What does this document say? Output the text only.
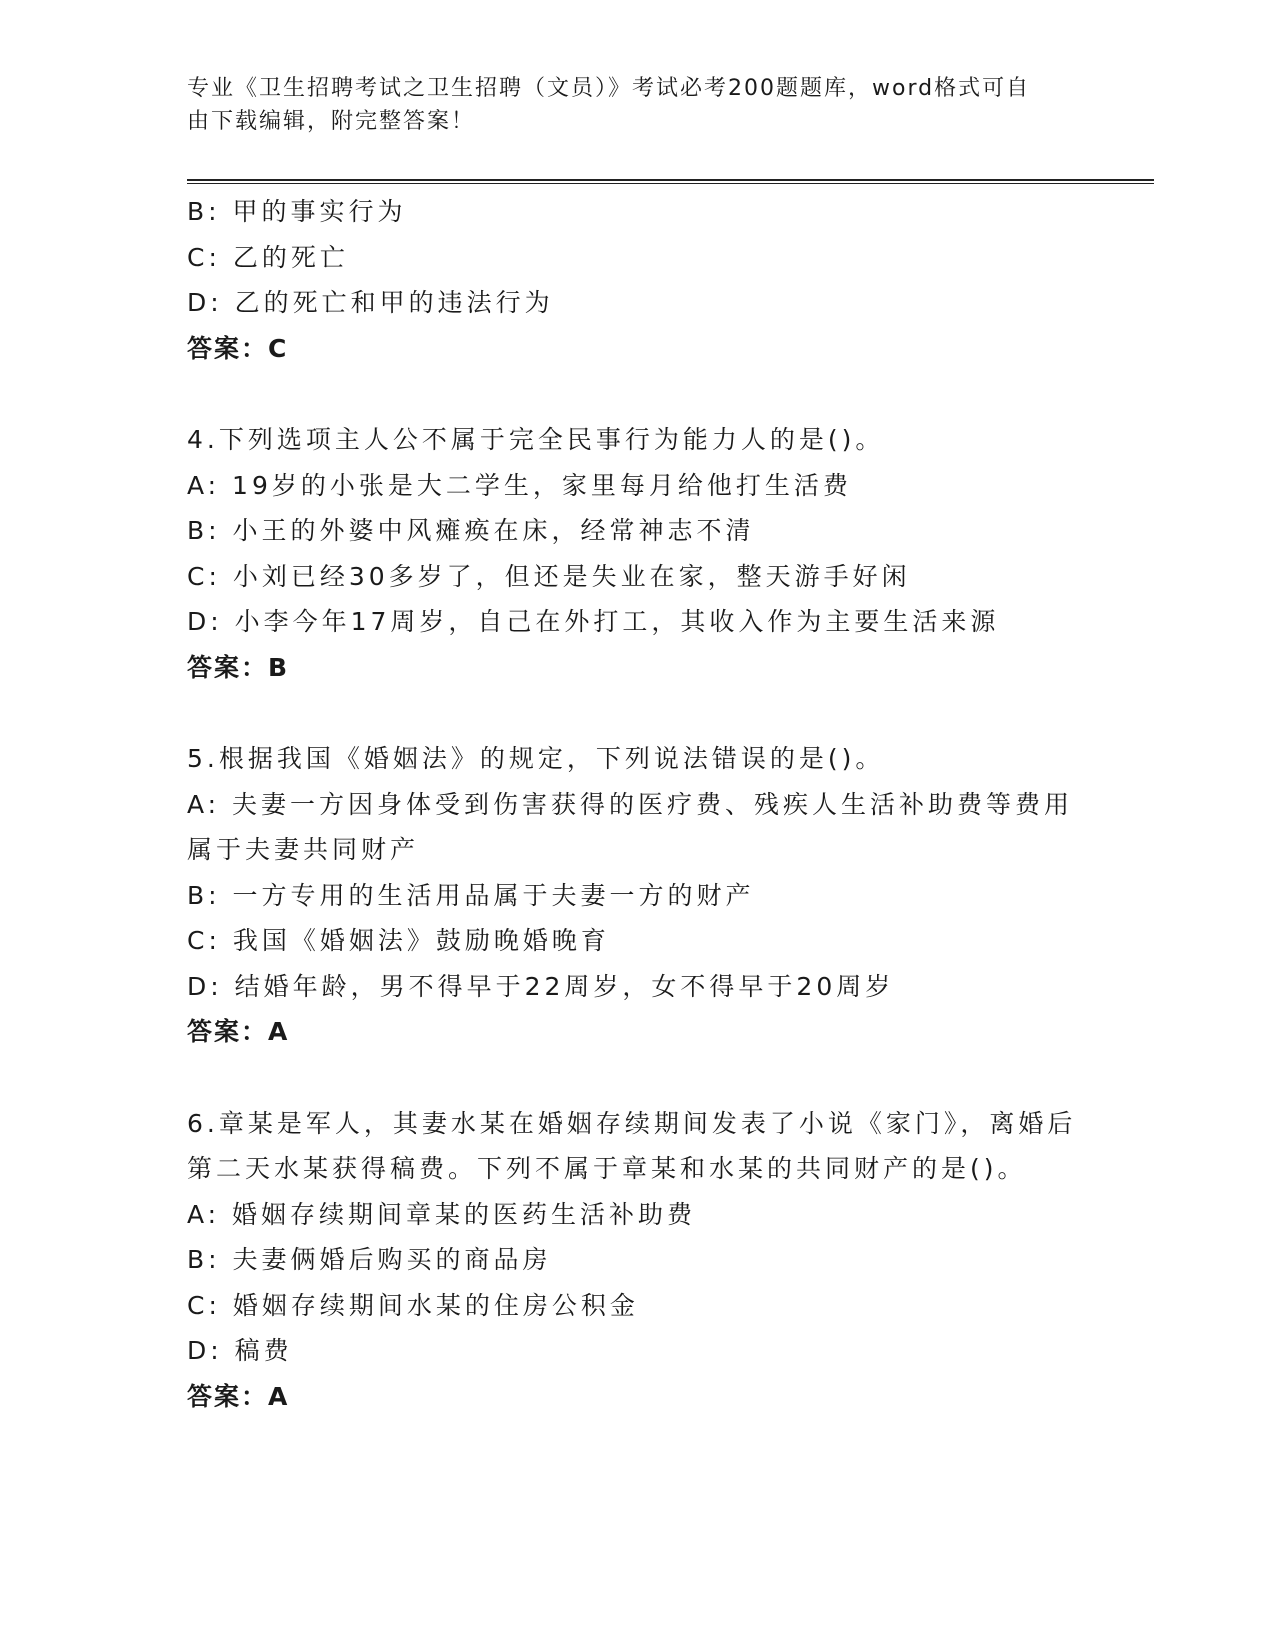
专业《卫生招聘考试之卫生招聘（文员）》考试必考200题题库，word格式可自
由下载编辑，附完整答案！
B: 甲的事实行为
C: 乙的死亡
D: 乙的死亡和甲的违法行为
答案：C
4.下列选项主人公不属于完全民事行为能力人的是()。
A: 19岁的小张是大二学生，家里每月给他打生活费
B: 小王的外婆中风瘫痪在床，经常神志不清
C: 小刘已经30多岁了，但还是失业在家，整天游手好闲
D: 小李今年17周岁，自己在外打工，其收入作为主要生活来源
答案：B
5.根据我国《婚姻法》的规定，下列说法错误的是()。
A: 夫妻一方因身体受到伤害获得的医疗费、残疾人生活补助费等费用属于夫妻共同财产
B: 一方专用的生活用品属于夫妻一方的财产
C: 我国《婚姻法》鼓励晚婚晚育
D: 结婚年龄，男不得早于22周岁，女不得早于20周岁
答案：A
6.章某是军人，其妻水某在婚姻存续期间发表了小说《家门》，离婚后第二天水某获得稿费。下列不属于章某和水某的共同财产的是()。
A: 婚姻存续期间章某的医药生活补助费
B: 夫妻俩婚后购买的商品房
C: 婚姻存续期间水某的住房公积金
D: 稿费
答案：A
